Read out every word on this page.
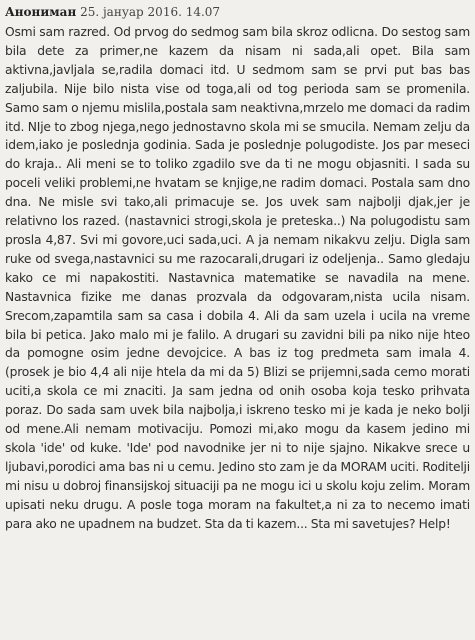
Анониман 25. јануар 2016. 14.07

Osmi sam razred. Od prvog do sedmog sam bila skroz odlicna. Do sestog sam bila dete za primer,ne kazem da nisam ni sada,ali opet. Bila sam aktivna,javljala se,radila domaci itd. U sedmom sam se prvi put bas bas zaljubila. Nije bilo nista vise od toga,ali od tog perioda sam se promenila. Samo sam o njemu mislila,postala sam neaktivna,mrzelo me domaci da radim itd. NIje to zbog njega,nego jednostavno skola mi se smucila. Nemam zelju da idem,iako je poslednja godinia. Sada je poslednje polugodiste. Jos par meseci do kraja.. Ali meni se to toliko zgadilo sve da ti ne mogu objasniti. I sada su poceli veliki problemi,ne hvatam se knjige,ne radim domaci. Postala sam dno dna. Ne misle svi tako,ali primacuje se. Jos uvek sam najbolji djak,jer je relativno los razed. (nastavnici strogi,skola je preteska..) Na polugodistu sam prosla 4,87. Svi mi govore,uci sada,uci. A ja nemam nikakvu zelju. Digla sam ruke od svega,nastavnici su me razocarali,drugari iz odeljenja.. Samo gledaju kako ce mi napakostiti. Nastavnica matematike se navadila na mene. Nastavnica fizike me danas prozvala da odgovaram,nista ucila nisam. Srecom,zapamtila sam sa casa i dobila 4. Ali da sam uzela i ucila na vreme bila bi petica. Jako malo mi je falilo. A drugari su zavidni bili pa niko nije hteo da pomogne osim jedne devojcice. A bas iz tog predmeta sam imala 4. (prosek je bio 4,4 ali nije htela da mi da 5) Blizi se prijemni,sada cemo morati uciti,a skola ce mi znaciti. Ja sam jedna od onih osoba koja tesko prihvata poraz. Do sada sam uvek bila najbolja,i iskreno tesko mi je kada je neko bolji od mene.Ali nemam motivaciju. Pomozi mi,ako mogu da kasem jedino mi skola 'ide' od kuke. 'Ide' pod navodnike jer ni to nije sjajno. Nikakve srece u ljubavi,porodici ama bas ni u cemu. Jedino sto zam je da MORAM uciti. Roditelji mi nisu u dobroj finansijskoj situaciji pa ne mogu ici u skolu koju zelim. Moram upisati neku drugu. A posle toga moram na fakultet,a ni za to necemo imati para ako ne upadnem na budzet. Sta da ti kazem... Sta mi savetujes? Help!
